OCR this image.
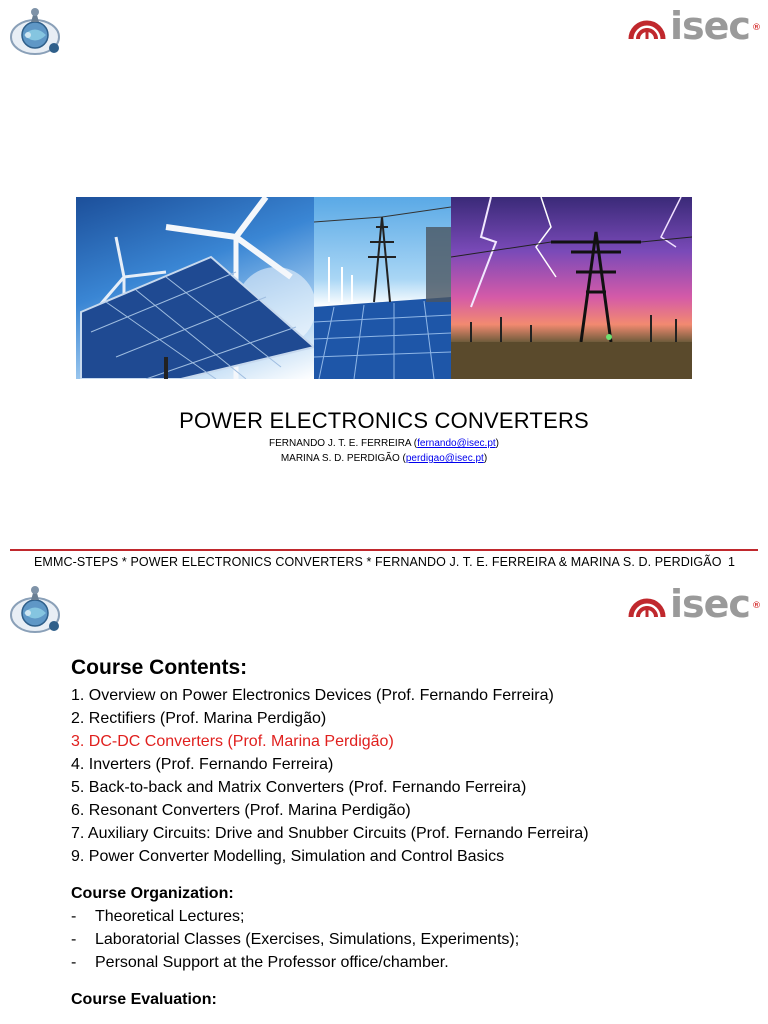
isec ®
POWER ELECTRONICS CONVERTERS
FERNANDO J. T. E. FERREIRA (fernando@isec.pt)
MARINA S. D. PERDIGÃO (perdigao@isec.pt)
EMMC-STEPS * POWER ELECTRONICS CONVERTERS * FERNANDO J. T. E. FERREIRA & MARINA S. D. PERDIGÃO 1
isec ®
Course Contents:
1. Overview on Power Electronics Devices (Prof. Fernando Ferreira)
2. Rectifiers (Prof. Marina Perdigão)
3. DC-DC Converters (Prof. Marina Perdigão)
4. Inverters (Prof. Fernando Ferreira)
5. Back-to-back and Matrix Converters (Prof. Fernando Ferreira)
6. Resonant Converters (Prof. Marina Perdigão)
7. Auxiliary Circuits: Drive and Snubber Circuits (Prof. Fernando Ferreira)
9. Power Converter Modelling, Simulation and Control Basics
Course Organization:
-	Theoretical Lectures;
-	Laboratorial Classes (Exercises, Simulations, Experiments);
-	Personal Support at the Professor office/chamber.
Course Evaluation:
